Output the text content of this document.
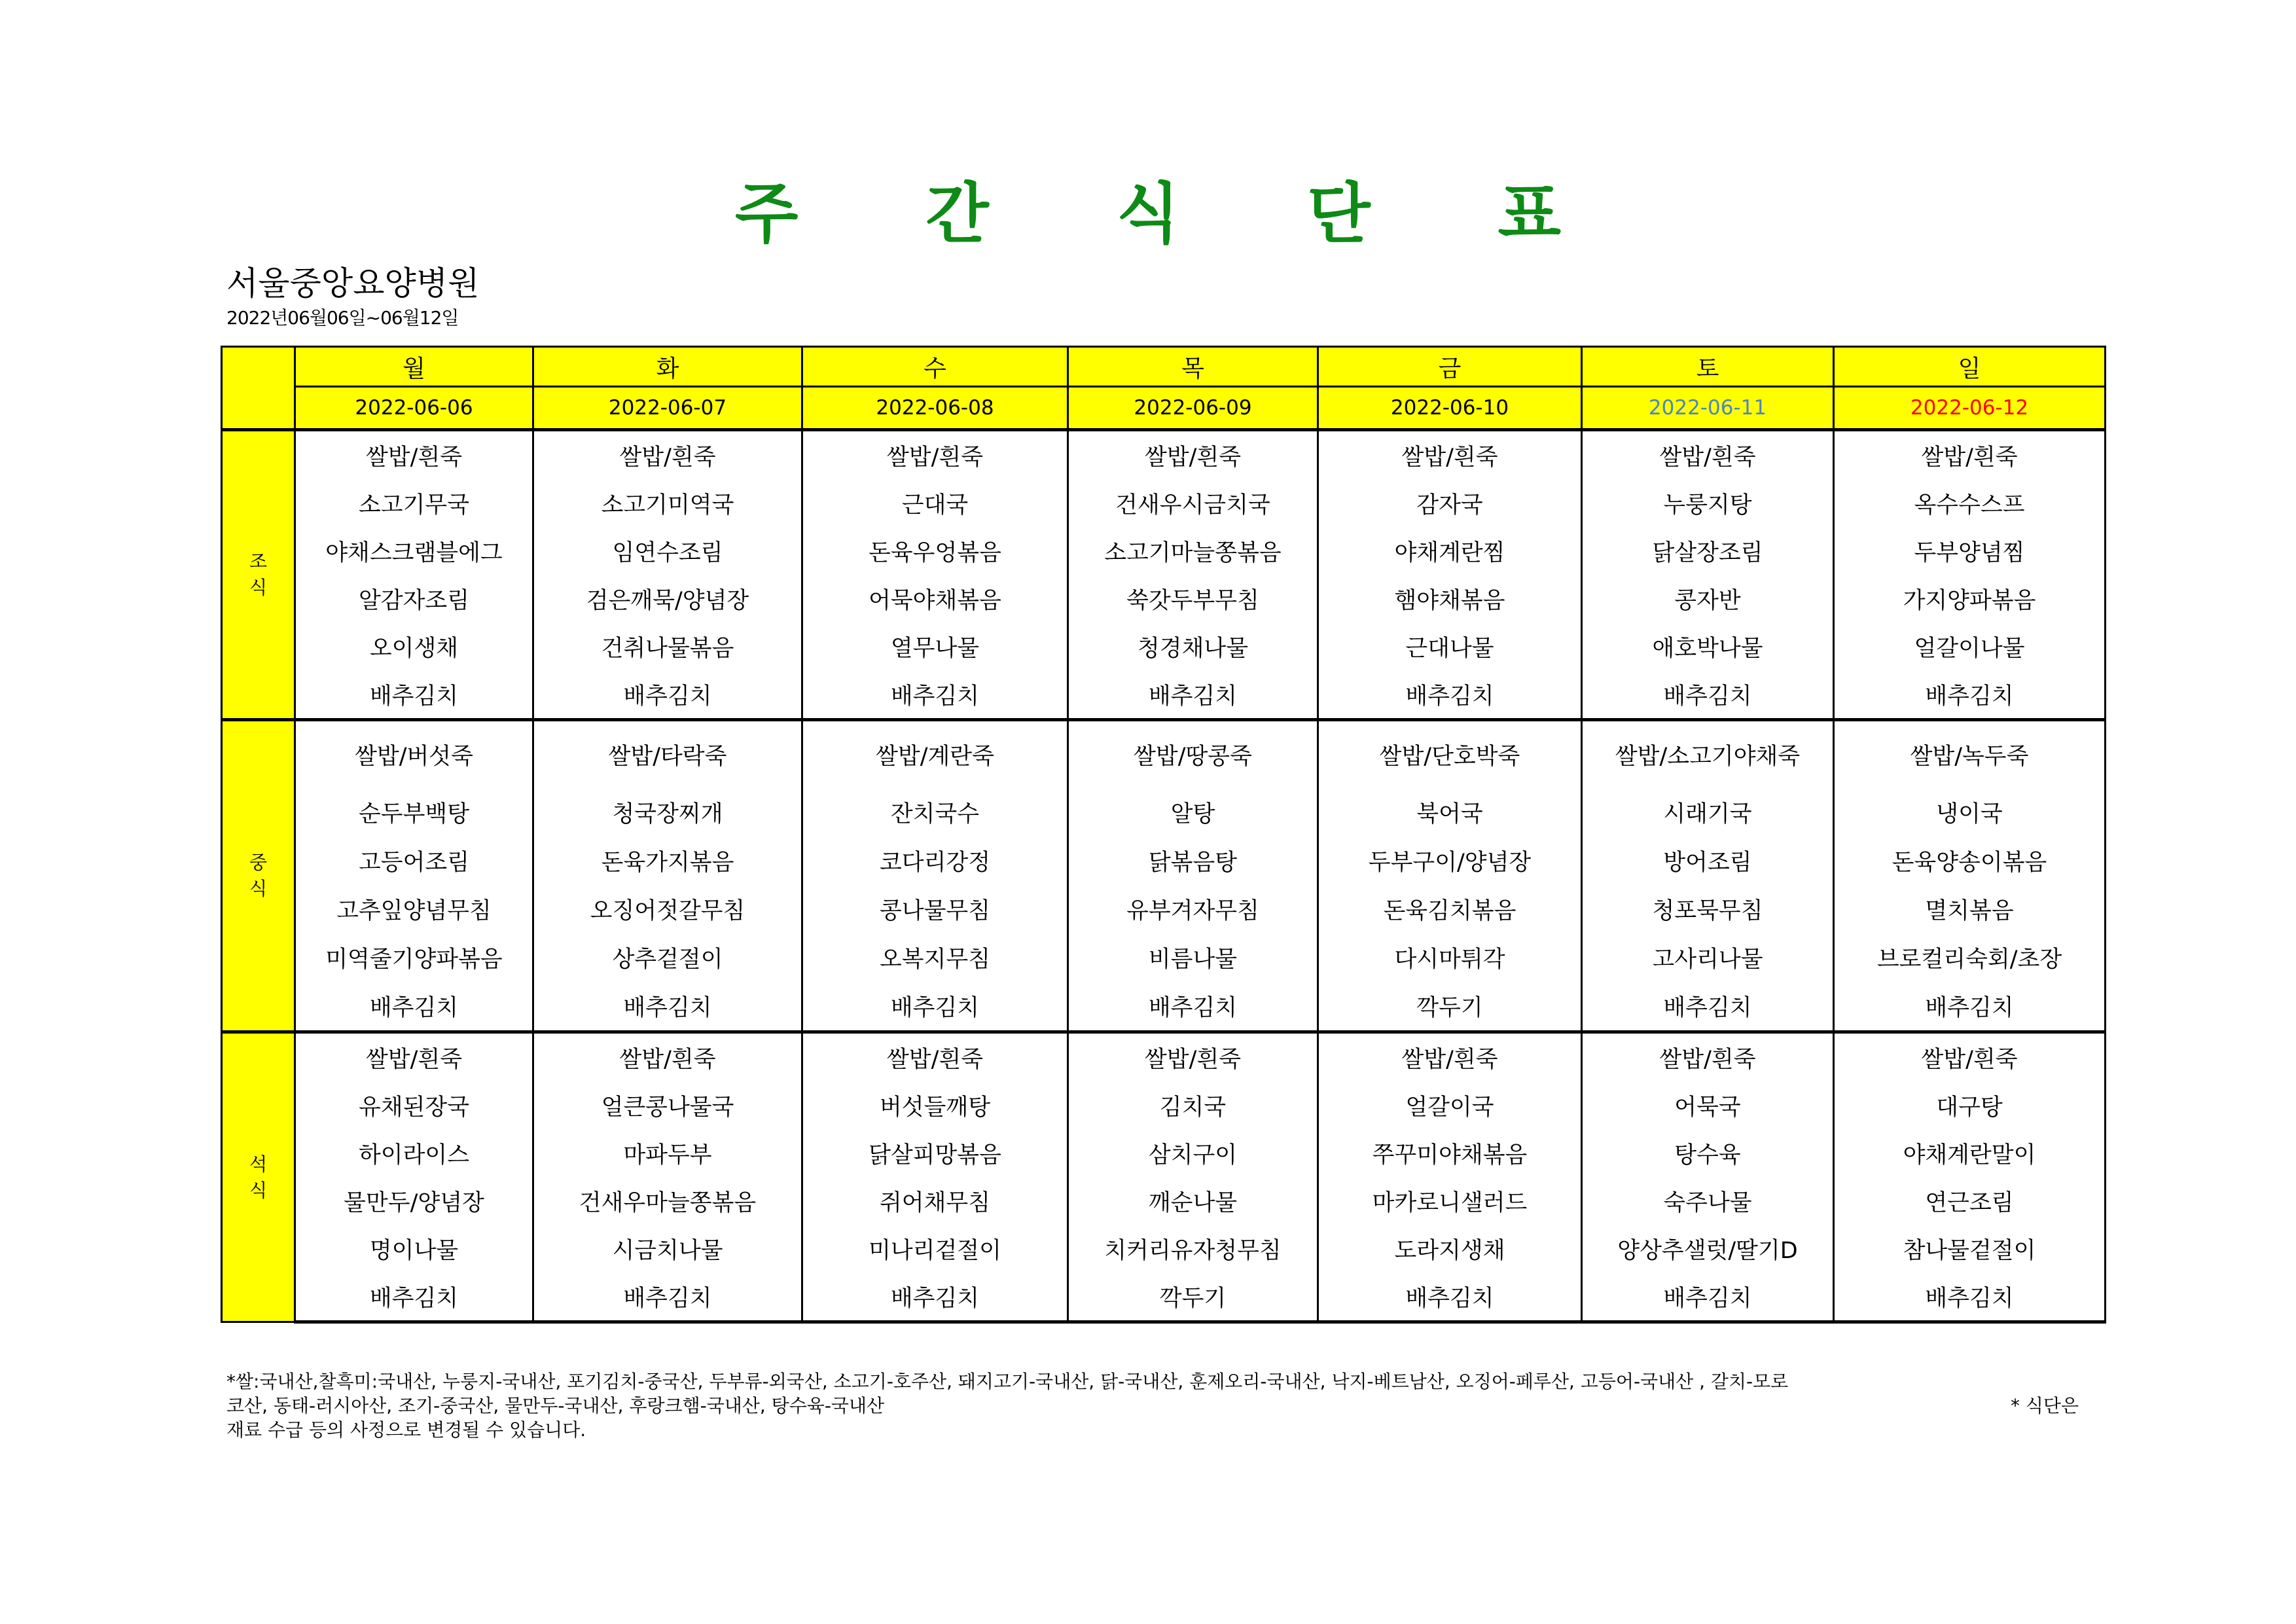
주 간 식 단 표
서울중앙요양병원
2022년06월06일~06월12일
	월	화	수	목	금	토	일
	2022-06-06	2022-06-07	2022-06-08	2022-06-09	2022-06-10	2022-06-11	2022-06-12

조
식	쌀밥/흰죽	쌀밥/흰죽	쌀밥/흰죽	쌀밥/흰죽	쌀밥/흰죽	쌀밥/흰죽	쌀밥/흰죽
	소고기무국	소고기미역국	근대국	건새우시금치국	감자국	누룽지탕	옥수수스프
	야채스크램블에그	임연수조림	돈육우엉볶음	소고기마늘쫑볶음	야채계란찜	닭살장조림	두부양념찜
	알감자조림	검은깨묵/양념장	어묵야채볶음	쑥갓두부무침	햄야채볶음	콩자반	가지양파볶음
	오이생채	건취나물볶음	열무나물	청경채나물	근대나물	애호박나물	얼갈이나물
	배추김치	배추김치	배추김치	배추김치	배추김치	배추김치	배추김치

중
식	쌀밥/버섯죽	쌀밥/타락죽	쌀밥/계란죽	쌀밥/땅콩죽	쌀밥/단호박죽	쌀밥/소고기야채죽	쌀밥/녹두죽
	순두부백탕	청국장찌개	잔치국수	알탕	북어국	시래기국	냉이국
	고등어조림	돈육가지볶음	코다리강정	닭볶음탕	두부구이/양념장	방어조림	돈육양송이볶음
	고추잎양념무침	오징어젓갈무침	콩나물무침	유부겨자무침	돈육김치볶음	청포묵무침	멸치볶음
	미역줄기양파볶음	상추겉절이	오복지무침	비름나물	다시마튀각	고사리나물	브로컬리숙회/초장
	배추김치	배추김치	배추김치	배추김치	깍두기	배추김치	배추김치

석
식	쌀밥/흰죽	쌀밥/흰죽	쌀밥/흰죽	쌀밥/흰죽	쌀밥/흰죽	쌀밥/흰죽	쌀밥/흰죽
	유채된장국	얼큰콩나물국	버섯들깨탕	김치국	얼갈이국	어묵국	대구탕
	하이라이스	마파두부	닭살피망볶음	삼치구이	쭈꾸미야채볶음	탕수육	야채계란말이
	물만두/양념장	건새우마늘쫑볶음	쥐어채무침	깨순나물	마카로니샐러드	숙주나물	연근조림
	명이나물	시금치나물	미나리겉절이	치커리유자청무침	도라지생채	양상추샐럿/딸기D	참나물겉절이
	배추김치	배추김치	배추김치	깍두기	배추김치	배추김치	배추김치
*쌀:국내산,찰흑미:국내산, 누룽지-국내산, 포기김치-중국산, 두부류-외국산, 소고기-호주산, 돼지고기-국내산, 닭-국내산, 훈제오리-국내산, 낙지-베트남산, 오징어-페루산, 고등어-국내산 , 갈치-모로
코산, 동태-러시아산, 조기-중국산, 물만두-국내산, 후랑크햄-국내산, 탕수육-국내산	* 식단은
재료 수급 등의 사정으로 변경될 수 있습니다.
